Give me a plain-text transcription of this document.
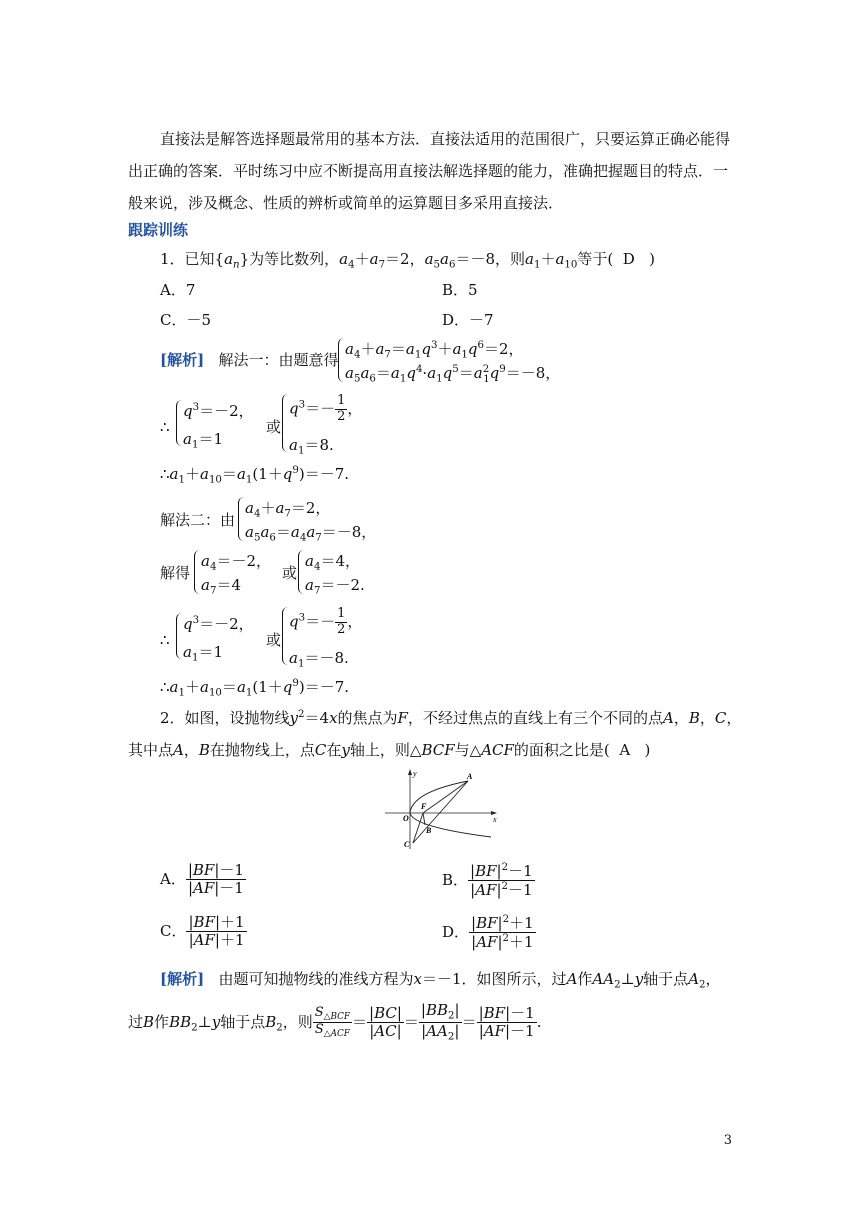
直接法是解答选择题最常用的基本方法．直接法适用的范围很广，只要运算正确必能得
出正确的答案．平时练习中应不断提高用直接法解选择题的能力，准确把握题目的特点．一
般来说，涉及概念、性质的辨析或简单的运算题目多采用直接法．
跟踪训练
1．已知$\{a_n\}$为等比数列，$a_4+a_7=2$，$a_5a_6=-8$，则$a_1+a_{10}$等于( D )
A．7	B．5
C．－5	D．－7
[解析] 解法一：由题意得
$a_4+a_7=a_1q^3+a_1q^6=2$，
$a_5a_6=a_1q^4\cdot a_1q^5=a^2_1q^9=-8$，
∴
$q^3=-2$，
$a_1=1$
或
$q^3=- \frac{1}{2}$ ，
$a_1=8$.
$\therefore a_1+a_{10}=a_1(1+q^9)=-7$.
解法二：由
$a_4+a_7=2$，
$a_5a_6=a_4a_7=-8$，
解得
$a_4=-2$，
$a_7=4$
或
$a_4=4$，
$a_7=-2$.
∴
$q^3=-2$，
$a_1=1$
或
$q^3=- \frac{1}{2}$ ，
$a_1=-8$.
$\therefore a_1+a_{10}=a_1(1+q^9)=-7$.
2．如图，设抛物线$y^2=4x$的焦点为F，不经过焦点的直线上有三个不同的点A，B，C，
其中点A，B在抛物线上，点C在y轴上，则△BCF与△ACF的面积之比是( A )
y
x
A
F
O
B
C
A． $\frac{|BF|-1}{|AF|-1}$	B． $\frac{|BF|^2-1}{|AF|^2-1}$
C． $\frac{|BF|+1}{|AF|+1}$	D． $\frac{|BF|^2+1}{|AF|^2+1}$
[解析] 由题可知抛物线的准线方程为x＝－1．如图所示，过A作$AA_2\perp y$轴于点$A_2$，
过B作$BB_2\perp y$轴于点$B_2$，则 $\frac{S_{\triangle BCF}}{S_{\triangle ACF}} = \frac{|BC|}{|AC|} = \frac{|BB_2|}{|AA_2|} = \frac{|BF|-1}{|AF|-1}$ .
3
